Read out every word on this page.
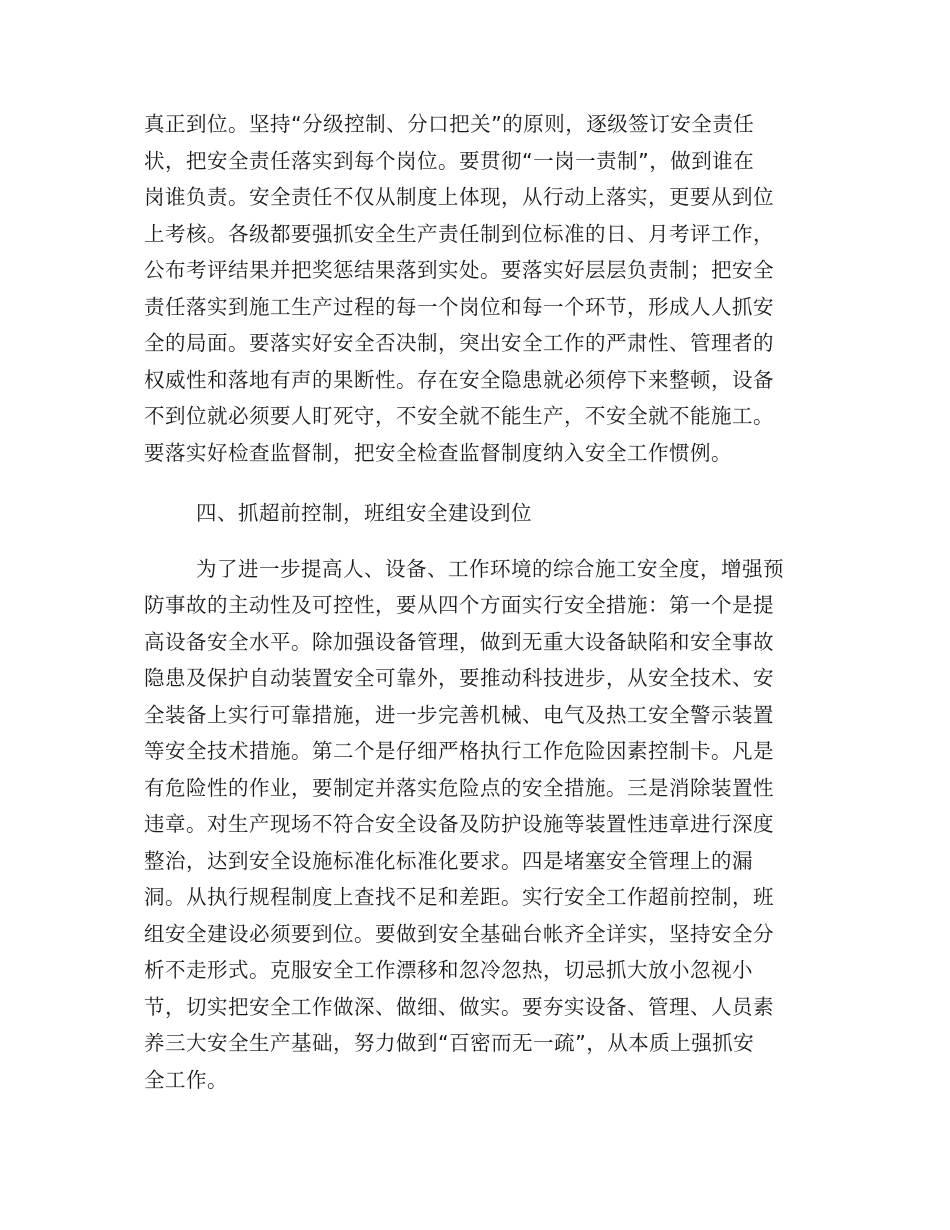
真正到位。坚持“分级控制、分口把关”的原则，逐级签订安全责任
状，把安全责任落实到每个岗位。要贯彻“一岗一责制”，做到谁在
岗谁负责。安全责任不仅从制度上体现，从行动上落实，更要从到位
上考核。各级都要强抓安全生产责任制到位标准的日、月考评工作，
公布考评结果并把奖惩结果落到实处。要落实好层层负责制；把安全
责任落实到施工生产过程的每一个岗位和每一个环节，形成人人抓安
全的局面。要落实好安全否决制，突出安全工作的严肃性、管理者的
权威性和落地有声的果断性。存在安全隐患就必须停下来整顿，设备
不到位就必须要人盯死守，不安全就不能生产，不安全就不能施工。
要落实好检查监督制，把安全检查监督制度纳入安全工作惯例。
四、抓超前控制，班组安全建设到位
为了进一步提高人、设备、工作环境的综合施工安全度，增强预
防事故的主动性及可控性，要从四个方面实行安全措施：第一个是提
高设备安全水平。除加强设备管理，做到无重大设备缺陷和安全事故
隐患及保护自动装置安全可靠外，要推动科技进步，从安全技术、安
全装备上实行可靠措施，进一步完善机械、电气及热工安全警示装置
等安全技术措施。第二个是仔细严格执行工作危险因素控制卡。凡是
有危险性的作业，要制定并落实危险点的安全措施。三是消除装置性
违章。对生产现场不符合安全设备及防护设施等装置性违章进行深度
整治，达到安全设施标准化标准化要求。四是堵塞安全管理上的漏
洞。从执行规程制度上查找不足和差距。实行安全工作超前控制，班
组安全建设必须要到位。要做到安全基础台帐齐全详实，坚持安全分
析不走形式。克服安全工作漂移和忽冷忽热，切忌抓大放小忽视小
节，切实把安全工作做深、做细、做实。要夯实设备、管理、人员素
养三大安全生产基础，努力做到“百密而无一疏”，从本质上强抓安
全工作。
